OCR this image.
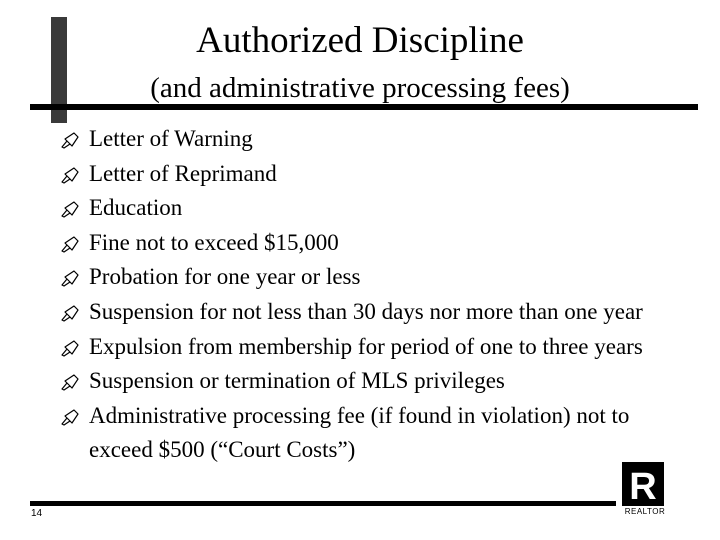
Authorized Discipline
(and administrative processing fees)
Letter of Warning
Letter of Reprimand
Education
Fine not to exceed $15,000
Probation for one year or less
Suspension for not less than 30 days nor more than one year
Expulsion from membership for period of one to three years
Suspension or termination of MLS privileges
Administrative processing fee (if found in violation) not to exceed $500 (“Court Costs”)
14
R
REALTOR
